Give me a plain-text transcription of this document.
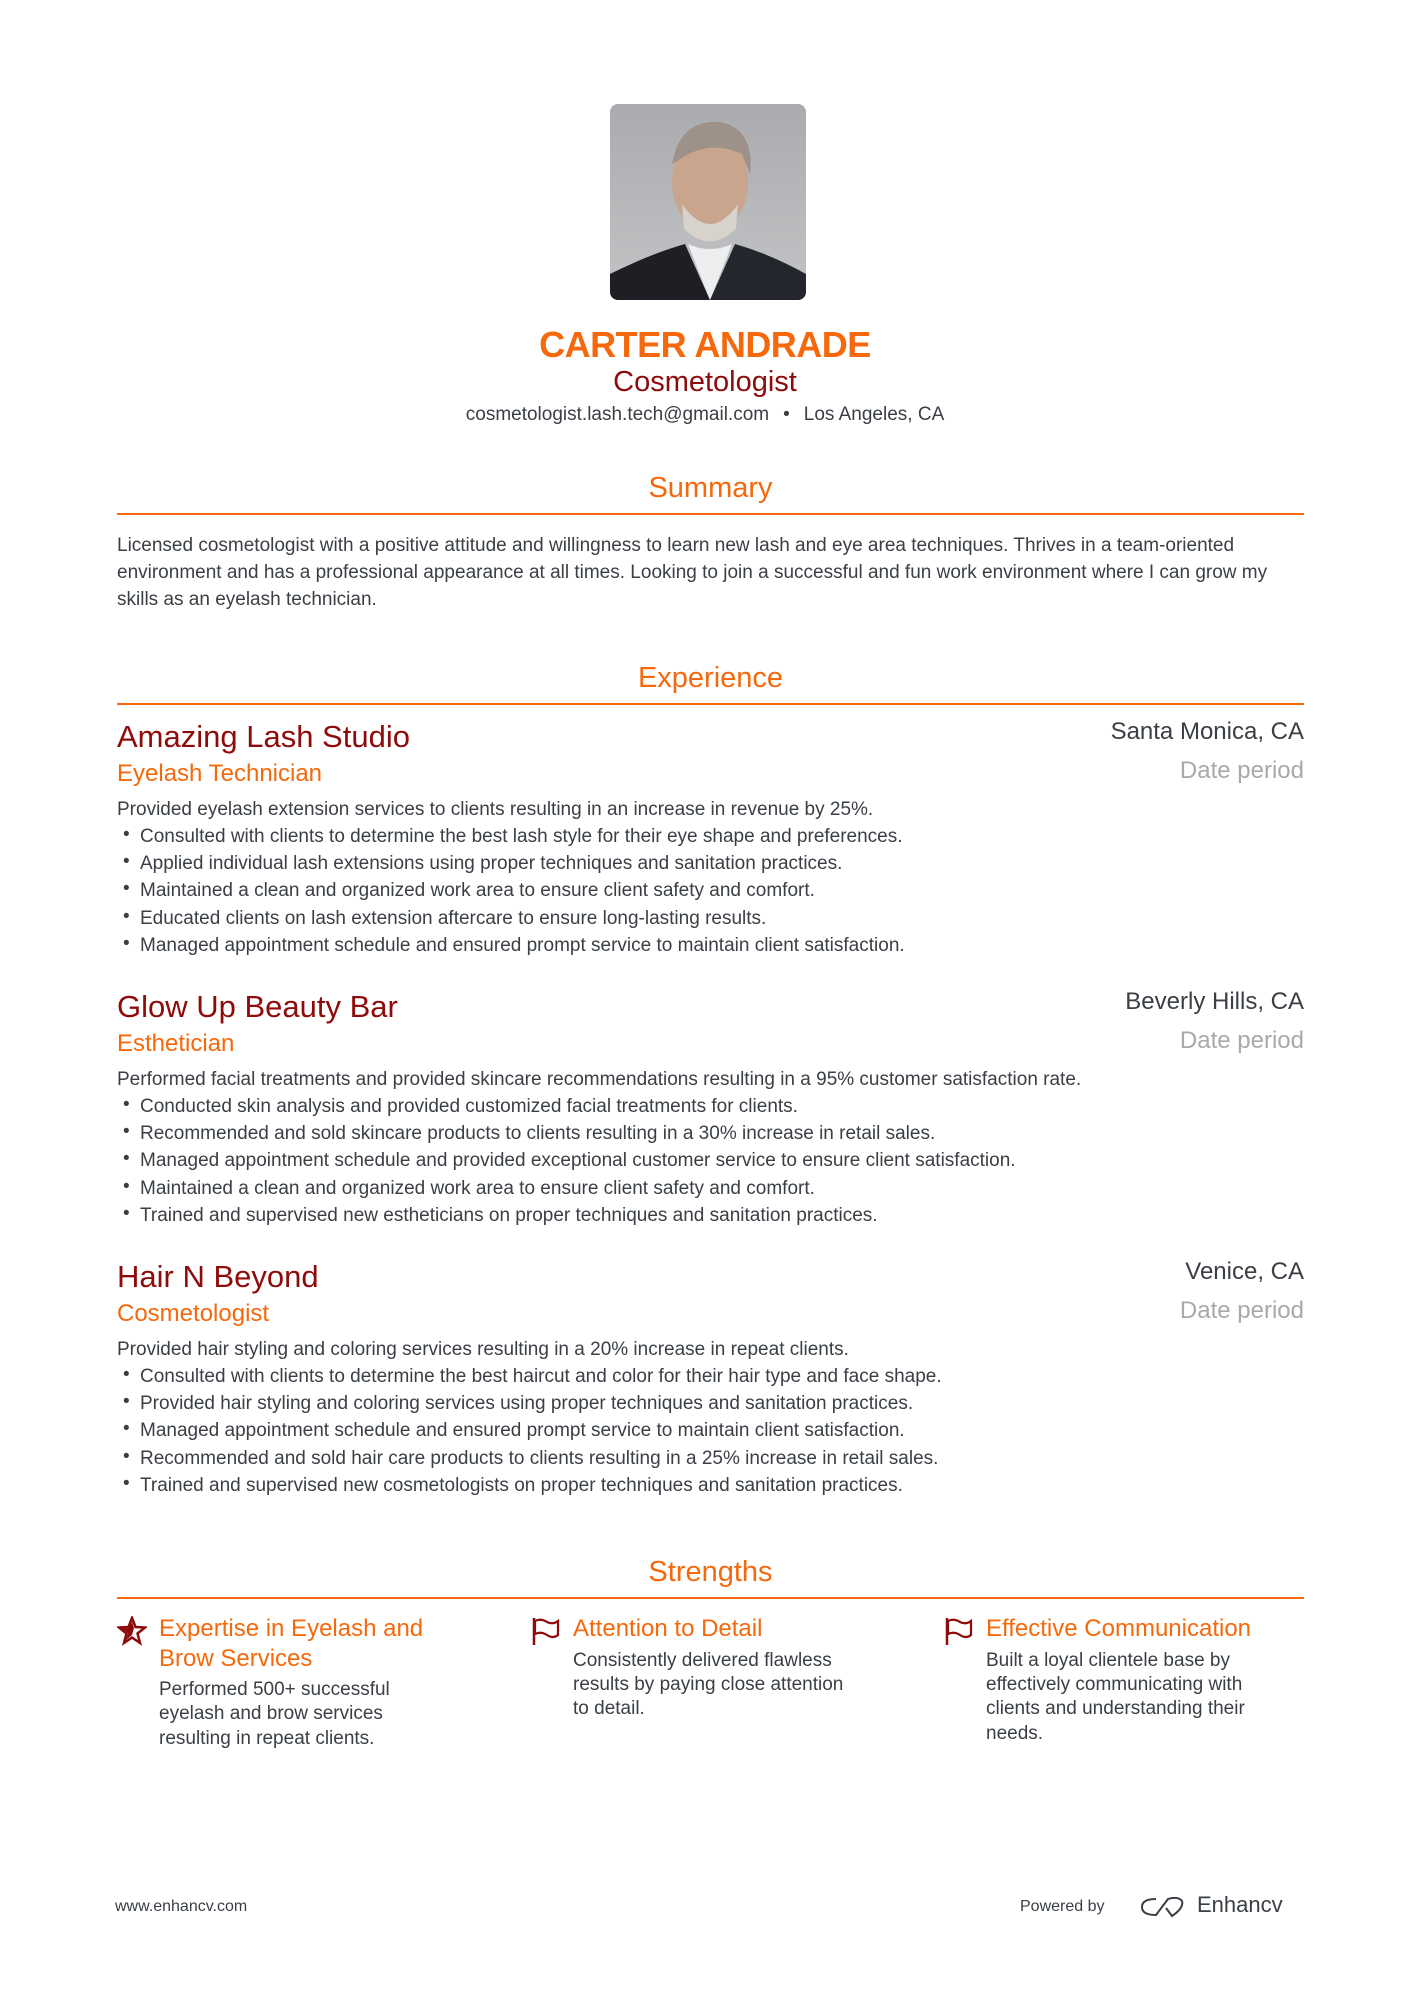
CARTER ANDRADE
Cosmetologist
cosmetologist.lash.tech@gmail.com • Los Angeles, CA
Summary
Licensed cosmetologist with a positive attitude and willingness to learn new lash and eye area techniques. Thrives in a team-oriented environment and has a professional appearance at all times. Looking to join a successful and fun work environment where I can grow my skills as an eyelash technician.
Experience
Amazing Lash Studio	Santa Monica, CA
Eyelash Technician	Date period
Provided eyelash extension services to clients resulting in an increase in revenue by 25%.
• Consulted with clients to determine the best lash style for their eye shape and preferences.
• Applied individual lash extensions using proper techniques and sanitation practices.
• Maintained a clean and organized work area to ensure client safety and comfort.
• Educated clients on lash extension aftercare to ensure long-lasting results.
• Managed appointment schedule and ensured prompt service to maintain client satisfaction.
Glow Up Beauty Bar	Beverly Hills, CA
Esthetician	Date period
Performed facial treatments and provided skincare recommendations resulting in a 95% customer satisfaction rate.
• Conducted skin analysis and provided customized facial treatments for clients.
• Recommended and sold skincare products to clients resulting in a 30% increase in retail sales.
• Managed appointment schedule and provided exceptional customer service to ensure client satisfaction.
• Maintained a clean and organized work area to ensure client safety and comfort.
• Trained and supervised new estheticians on proper techniques and sanitation practices.
Hair N Beyond	Venice, CA
Cosmetologist	Date period
Provided hair styling and coloring services resulting in a 20% increase in repeat clients.
• Consulted with clients to determine the best haircut and color for their hair type and face shape.
• Provided hair styling and coloring services using proper techniques and sanitation practices.
• Managed appointment schedule and ensured prompt service to maintain client satisfaction.
• Recommended and sold hair care products to clients resulting in a 25% increase in retail sales.
• Trained and supervised new cosmetologists on proper techniques and sanitation practices.
Strengths
Expertise in Eyelash and Brow Services
Performed 500+ successful eyelash and brow services resulting in repeat clients.
Attention to Detail
Consistently delivered flawless results by paying close attention to detail.
Effective Communication
Built a loyal clientele base by effectively communicating with clients and understanding their needs.
www.enhancv.com	Powered by	Enhancv
